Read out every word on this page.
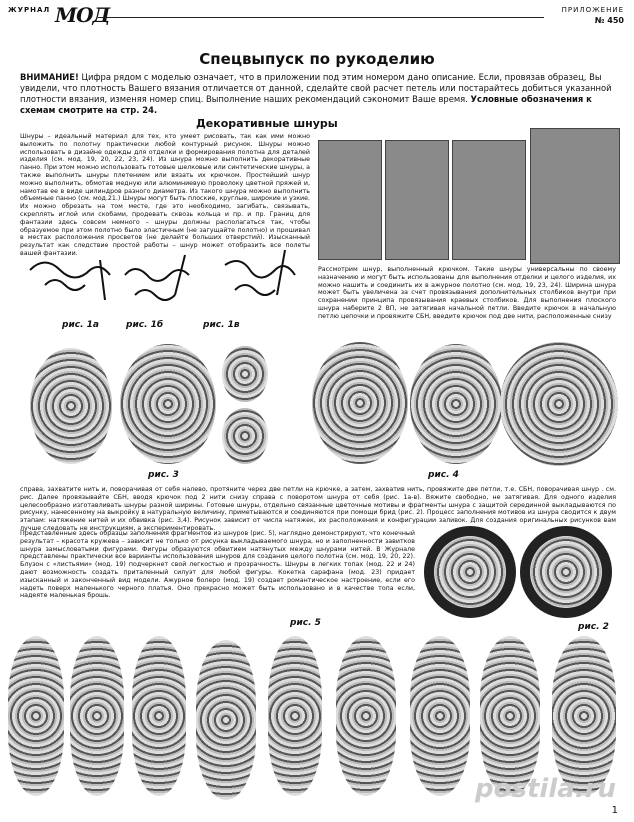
ЖУРНАЛ МОД	ПРИЛОЖЕНИЕ
№ 450
Спецвыпуск по рукоделию
ВНИМАНИЕ! Цифра рядом с моделью означает, что в приложении под этим номером дано описание. Если, провязав образец, Вы увидели, что плотность Вашего вязания отличается от данной, сделайте свой расчет петель или постарайтесь добиться указанной плотности вязания, изменяя номер спиц. Выполнение наших рекомендаций сэкономит Ваше время. Условные обозначения к схемам смотрите на стр. 24.
Декоративные шнуры
Шнуры – идеальный материал для тех, кто умеет рисовать, так как ими можно выложить по полотну практически любой контурный рисунок. Шнуры можно использовать в дизайне одежды для отделки и формирования полотна для деталей изделия (см. мод. 19, 20, 22, 23, 24). Из шнура можно выполнить декоративные панно. При этом можно использовать готовые шелковые или синтетические шнуры, а также выполнить шнуры плетением или вязать их крючком. Простейший шнур можно выполнить, обмотав медную или алюминиевую проволоку цветной пряжей и, намотав ее в виде цилиндров разного диаметра. Из такого шнура можно выполнить объемные панно (см. мод.21.) Шнуры могут быть плоские, круглые, широкие и узкие. Их можно обрезать на том месте, где это необходимо, загибать, связывать, скреплять иглой или скобами, продевать сквозь кольца и пр. и пр. Границ для фантазии здесь совсем немного – шнуры должны располагаться так, чтобы образуемое при этом полотно было эластичным (не загущайте полотно) и прошивал в местах расположения просветов (не делайте больших отверстий). Изысканный результат как следствие простой работы – шнур может отобразить все полеты вашей фантазии.
рис. 1а	рис. 1б	рис. 1в
Рассмотрим шнур, выполненный крючком. Такие шнуры универсальны по своему назначению и могут быть использованы для выполнения отделки и целого изделия, их можно нашить и соединить их в ажурное полотно (см. мод. 19, 23, 24). Ширина шнура может быть увеличена за счет провязывания дополнительных столбиков внутри при сохранении принципа провязывания краевых столбиков. Для выполнения плоского шнура наберите 2 ВП, не затягивая начальной петли. Введите крючок в начальную петлю цепочки и провяжите СБН, введите крючок под две нити, расположенные снизу
рис. 3	рис. 4
справа, захватите нить и, поворачивая от себя налево, протяните через две петли на крючке, а затем, захватив нить, провяжите две петли, т.е. СБН, поворачивая шнур . см. рис. Далее провязывайте СБН, вводя крючок под 2 нити снизу справа с поворотом шнура от себя (рис. 1а-в). Вяжите свободно, не затягивая. Для одного изделия целесообразно изготавливать шнуры разной ширины. Готовые шнуры, отдельно связанные цветочные мотивы и фрагменты шнура с защитой серединной выкладываются по рисунку, нанесенному на выкройку в натуральную величину, приметываются и соединяются при помощи брид (рис. 2). Процесс заполнения мотивов из шнура сводится к двум этапам: натяжение нитей и их обвивка (рис. 3,4). Рисунок зависит от числа натяжек, их расположения и конфигурации заливок. Для создания оригинальных рисунков вам лучше следовать не инструкциям, а экспериментировать.
Представленные здесь образцы заполнения фрагментов из шнуров (рис. 5), наглядно демонстрируют, что конечный результат – красота кружева – зависит не только от рисунка выкладываемого шнура, но и заполненности завитков шнура замысловатыми фигурами. Фигуры образуются обвитием натянутых между шнурами нитей. В Журнале представлены практически все варианты использования шнуров для создания целого полотна (см. мод. 19, 20, 22). Блузон с «листьями» (мод. 19) подчеркнет свой легкостью и прозрачность. Шнуры в легких топах (мод. 22 и 24) дают возможность создать приталенный силуэт для любой фигуры. Кокетка сарафана (мод. 23) придает изысканный и законченный вид модели. Ажурное болеро (мод. 19) создает романтическое настроение, если его надеть поверх маленького черного платья. Оно прекрасно может быть использовано и в качестве топа если, надеяте маленькая брошь.
рис. 2
рис. 5
postila.ru
1
